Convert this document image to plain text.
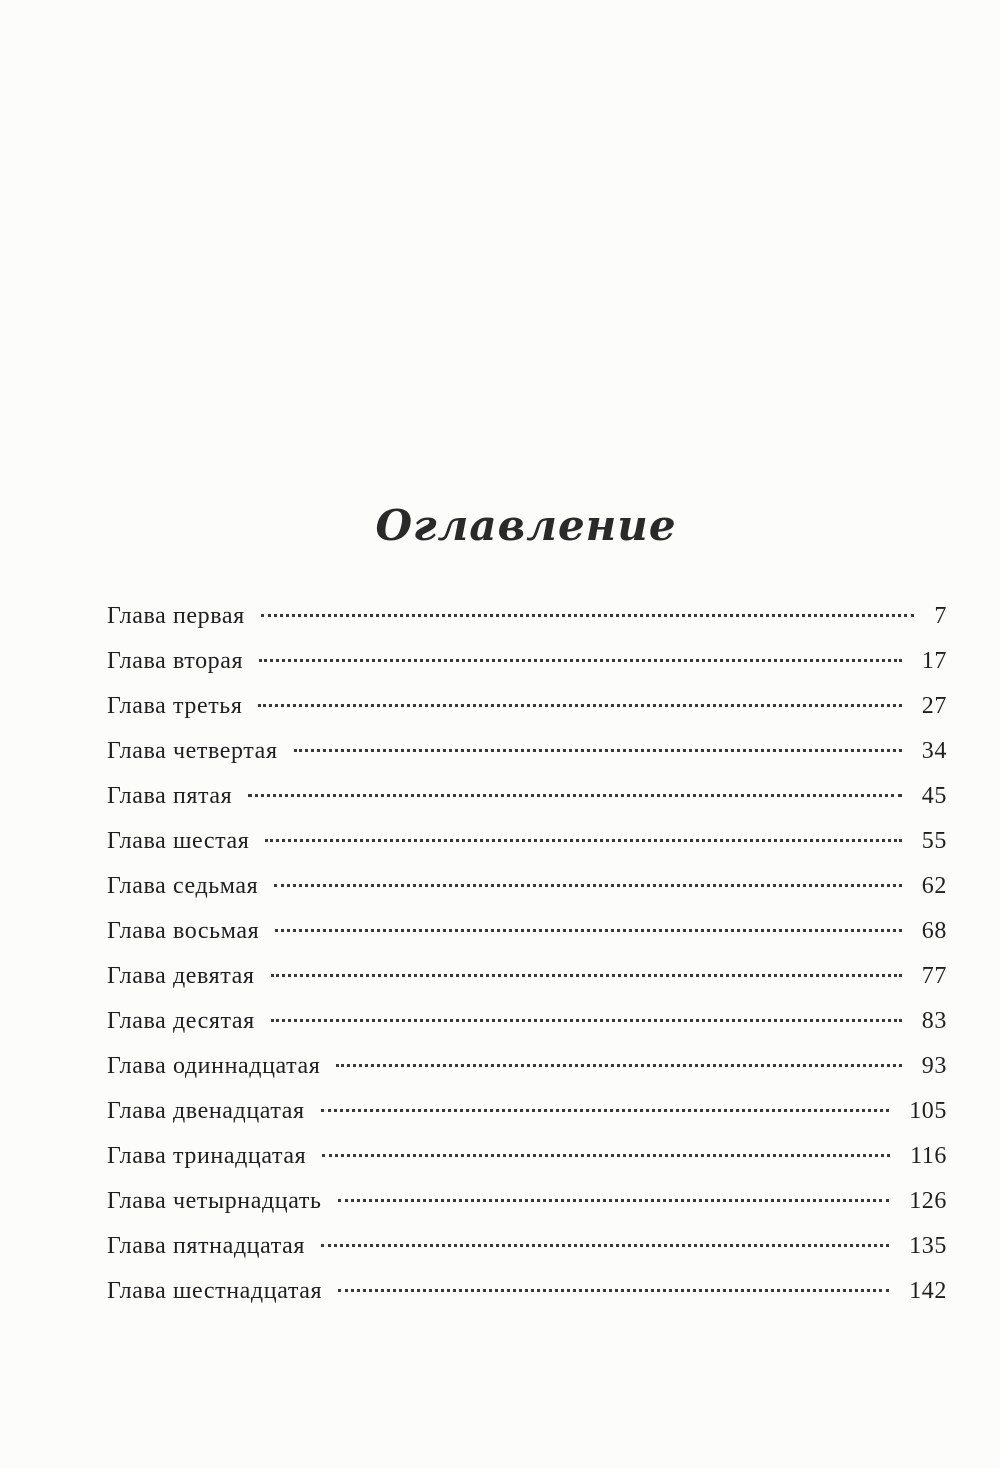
Оглавление
Глава первая	7
Глава вторая	17
Глава третья	27
Глава четвертая	34
Глава пятая	45
Глава шестая	55
Глава седьмая	62
Глава восьмая	68
Глава девятая	77
Глава десятая	83
Глава одиннадцатая	93
Глава двенадцатая	105
Глава тринадцатая	116
Глава четырнадцать	126
Глава пятнадцатая	135
Глава шестнадцатая	142
